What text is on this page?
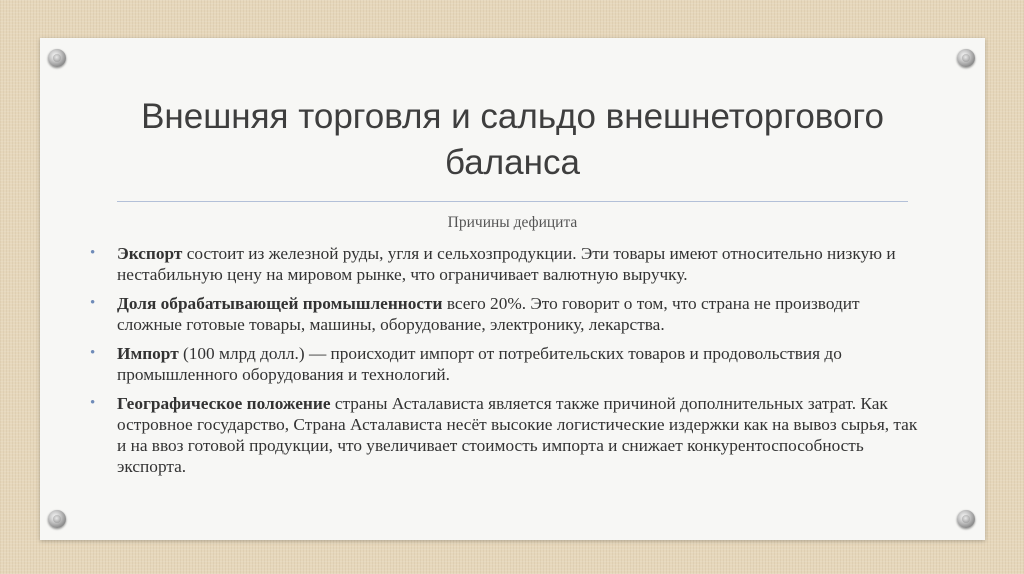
Внешняя торговля и сальдо внешнеторгового баланса

Причины дефицита

• Экспорт состоит из железной руды, угля и сельхозпродукции. Эти товары имеют относительно низкую и нестабильную цену на мировом рынке, что ограничивает валютную выручку.
• Доля обрабатывающей промышленности всего 20%. Это говорит о том, что страна не производит сложные готовые товары, машины, оборудование, электронику, лекарства.
• Импорт (100 млрд долл.) — происходит импорт от потребительских товаров и продовольствия до промышленного оборудования и технологий.
• Географическое положение страны Асталависта является также причиной дополнительных затрат. Как островное государство, Страна Асталависта несёт высокие логистические издержки как на вывоз сырья, так и на ввоз готовой продукции, что увеличивает стоимость импорта и снижает конкурентоспособность экспорта.
